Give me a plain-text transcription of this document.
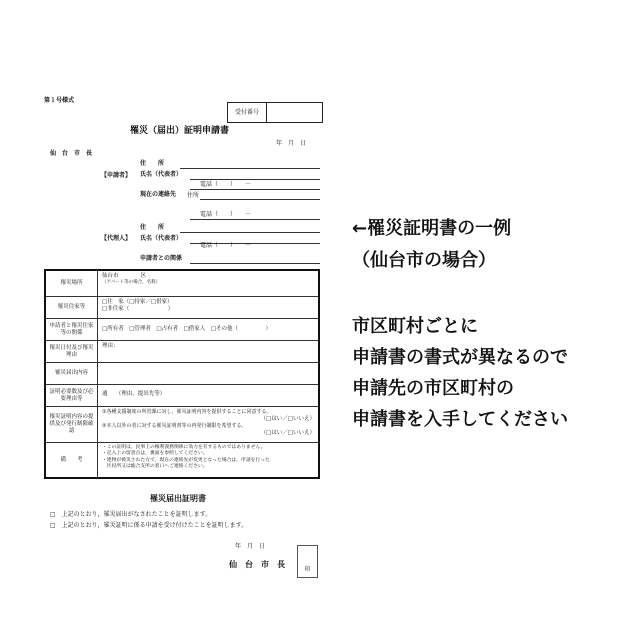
第１号様式
受付番号
罹災（届出）証明申請書
年　月　日
仙　台　市　長
【申請者】
住　　所
氏名（代表者）
電話（　　）　　－
現在の連絡先 住所
電話（　　）　　－
【代理人】
住　　所
氏名（代表者）
電話（　　）　　－
申請者との関係
罹災場所
仙台市　　　　区
（アパート等の場合，名称）
罹災住家等
□住　家（□持家／□借家）
□非住家（　　　　　　　）
申請者と罹災住家等の関係
□所有者　□管理者　□占有者　□借家人　□その他（　　　　　）
罹災日付及び罹災理由
理由：
罹災届出内容
証明必要数及び必要理由等
通　　（理由、提出先等）
罹災証明内容の提供及び発行制限確認
①各種支援制度の所管課に対し，罹災証明内容を提供することに同意する。
（□はい／□いいえ）
②本人以外の者に対する罹災証明書等の再発行制限を希望する。
（□はい／□いいえ）
備　　考
・この証明は，民事上の権利義務関係に効力を有するものではありません。
・記入上の留意点は，裏面を参照してください。
・建物が被災された方で，現在の連絡先が変更となった場合は，申請を行った
　区役所又は総合支所の窓口へご連絡ください。
罹災届出証明書
□　上記のとおり，罹災届出がなされたことを証明します。
□　上記のとおり，罹災証明に係る申請を受け付けたことを証明します。
年　月　日
仙　台　市　長
印
←罹災証明書の一例
（仙台市の場合）
市区町村ごとに
申請書の書式が異なるので
申請先の市区町村の
申請書を入手してください
